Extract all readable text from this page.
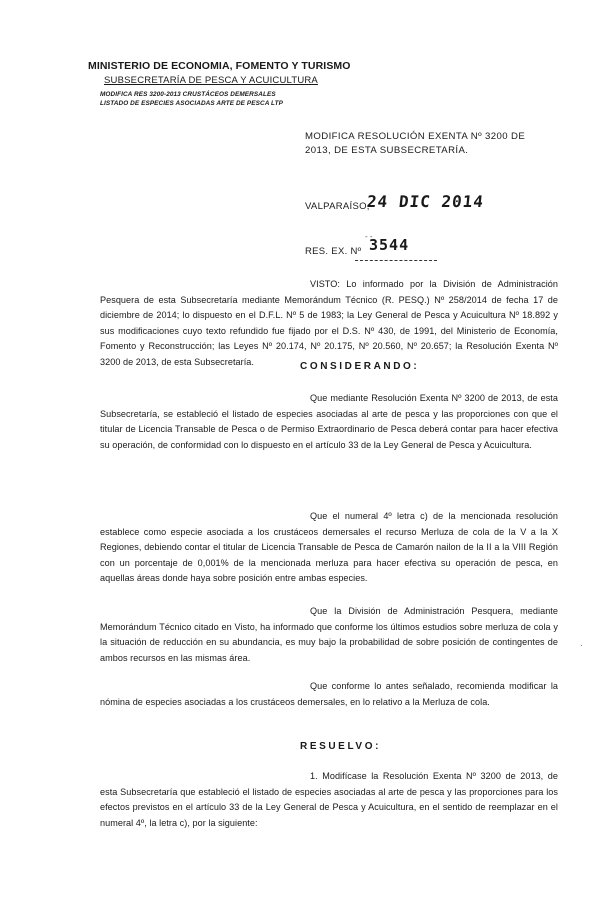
MINISTERIO DE ECONOMIA, FOMENTO Y TURISMO
SUBSECRETARÍA DE PESCA Y ACUICULTURA
MODIFICA RES 3200-2013 CRUSTÁCEOS DEMERSALES
LISTADO DE ESPECIES ASOCIADAS ARTE DE PESCA LTP
MODIFICA RESOLUCIÓN EXENTA Nº 3200 DE 2013, DE ESTA SUBSECRETARÍA.
VALPARAÍSO,
24 DIC 2014
RES. EX. Nº
- -
3544
VISTO: Lo informado por la División de Administración Pesquera de esta Subsecretaría mediante Memorándum Técnico (R. PESQ.) Nº 258/2014 de fecha 17 de diciembre de 2014; lo dispuesto en el D.F.L. Nº 5 de 1983; la Ley General de Pesca y Acuicultura Nº 18.892 y sus modificaciones cuyo texto refundido fue fijado por el D.S. Nº 430, de 1991, del Ministerio de Economía, Fomento y Reconstrucción; las Leyes Nº 20.174, Nº 20.175, Nº 20.560, Nº 20.657; la Resolución Exenta Nº 3200 de 2013, de esta Subsecretaría.	CONSIDERANDO:
Que mediante Resolución Exenta Nº 3200 de 2013, de esta Subsecretaría, se estableció el listado de especies asociadas al arte de pesca y las proporciones con que el titular de Licencia Transable de Pesca o de Permiso Extraordinario de Pesca deberá contar para hacer efectiva su operación, de conformidad con lo dispuesto en el artículo 33 de la Ley General de Pesca y Acuicultura.
Que el numeral 4º letra c) de la mencionada resolución establece como especie asociada a los crustáceos demersales el recurso Merluza de cola de la V a la X Regiones, debiendo contar el titular de Licencia Transable de Pesca de Camarón nailon de la II a la VIII Región con un porcentaje de 0,001% de la mencionada merluza para hacer efectiva su operación de pesca, en aquellas áreas donde haya sobre posición entre ambas especies.
Que la División de Administración Pesquera, mediante Memorándum Técnico citado en Visto, ha informado que conforme los últimos estudios sobre merluza de cola y la situación de reducción en su abundancia, es muy bajo la probabilidad de sobre posición de contingentes de ambos recursos en las mismas área.
Que conforme lo antes señalado, recomienda modificar la nómina de especies asociadas a los crustáceos demersales, en lo relativo a la Merluza de cola.
RESUELVO:
1. Modifícase la Resolución Exenta Nº 3200 de 2013, de esta Subsecretaría que estableció el listado de especies asociadas al arte de pesca y las proporciones para los efectos previstos en el artículo 33 de la Ley General de Pesca y Acuicultura, en el sentido de reemplazar en el numeral 4º, la letra c), por la siguiente:
·
